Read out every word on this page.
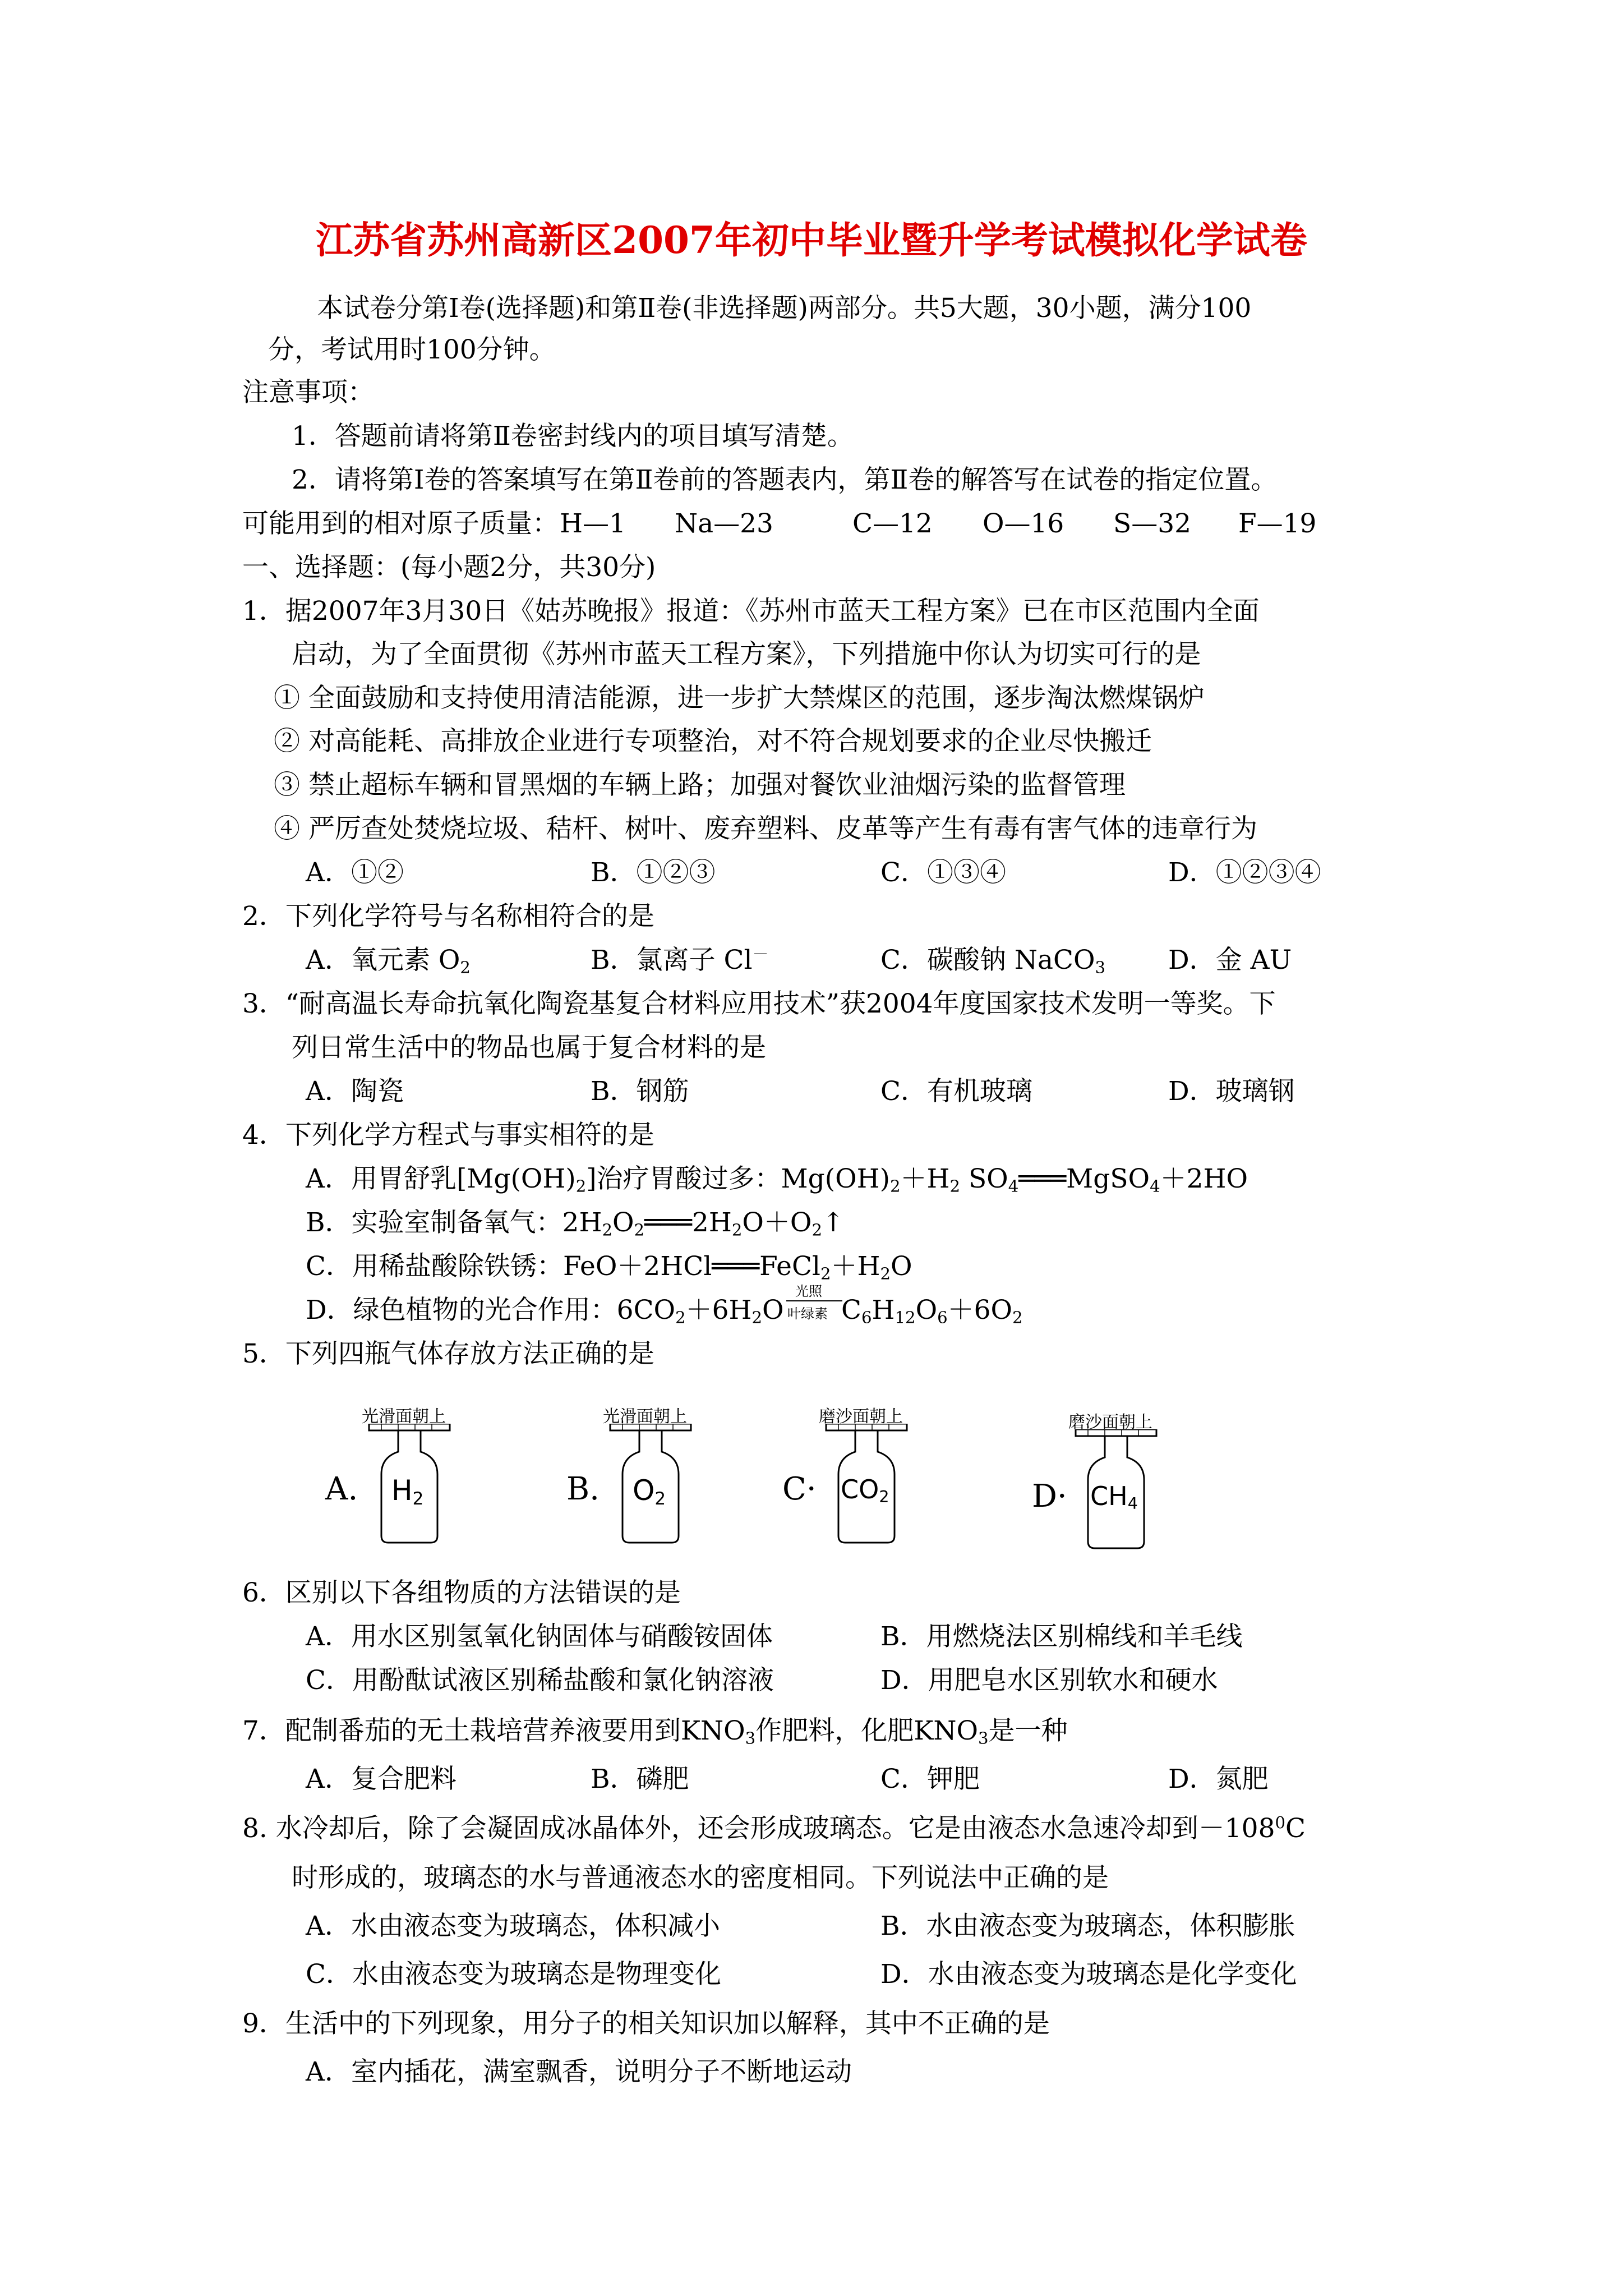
江苏省苏州高新区2007年初中毕业暨升学考试模拟化学试卷
本试卷分第Ⅰ卷(选择题)和第Ⅱ卷(非选择题)两部分。共5大题，30小题，满分100
分，考试用时100分钟。
注意事项：
1．答题前请将第Ⅱ卷密封线内的项目填写清楚。
2．请将第Ⅰ卷的答案填写在第Ⅱ卷前的答题表内，第Ⅱ卷的解答写在试卷的指定位置。
可能用到的相对原子质量： H—1 Na—23	C—12 O—16 S—32 F—19
一、选择题：(每小题2分，共30分)
1．据2007年3月30日《姑苏晚报》报道：《苏州市蓝天工程方案》已在市区范围内全面
启动，为了全面贯彻《苏州市蓝天工程方案》，下列措施中你认为切实可行的是
① 全面鼓励和支持使用清洁能源，进一步扩大禁煤区的范围，逐步淘汰燃煤锅炉
② 对高能耗、高排放企业进行专项整治，对不符合规划要求的企业尽快搬迁
③ 禁止超标车辆和冒黑烟的车辆上路；加强对餐饮业油烟污染的监督管理
④ 严厉查处焚烧垃圾、秸杆、树叶、废弃塑料、皮革等产生有毒有害气体的违章行为
A．①②	B．①②③	C．①③④	D．①②③④
2．下列化学符号与名称相符合的是
A．氧元素 $O_2$	B．氯离子 Cl－	C．碳酸钠 NaCO$_3$ D．金 AU
3．“耐高温长寿命抗氧化陶瓷基复合材料应用技术”获2004年度国家技术发明一等奖。下
列日常生活中的物品也属于复合材料的是
A．陶瓷	B．钢筋	C．有机玻璃	D．玻璃钢
4．下列化学方程式与事实相符的是
A．用胃舒乳$[Mg(OH)_2]$治疗胃酸过多：$Mg(OH)_2+H_2$ $SO_4═══MgSO_4+2HO$
B．实验室制备氧气：$2H_2O_2═══2H_2O+O_2↑$
C．用稀盐酸除铁锈：$FeO+2HCl═══FeCl_2+H_2O$
D．绿色植物的光合作用：$6CO_2+6H_2O$
光照
叶绿素 $C_6H_{12}O_6+6O_2$
5．下列四瓶气体存放方法正确的是
光滑面朝上
A. $H_2$
光滑面朝上
B. $O_2$
磨沙面朝上
$C\cdot CO_2$
磨沙面朝上
$D\cdot CH_4$
6．区别以下各组物质的方法错误的是
A．用水区别氢氧化钠固体与硝酸铵固体	B．用燃烧法区别棉线和羊毛线
C．用酚酞试液区别稀盐酸和氯化钠溶液	D．用肥皂水区别软水和硬水
7．配制番茄的无土栽培营养液要用到$KNO_3$作肥料，化肥$KNO_3$是一种
A．复合肥料	B．磷肥	C．钾肥	D．氮肥
8. 水冷却后，除了会凝固成冰晶体外，还会形成玻璃态。它是由液态水急速冷却到$-108^0C$
时形成的，玻璃态的水与普通液态水的密度相同。下列说法中正确的是
A．水由液态变为玻璃态，体积减小	B．水由液态变为玻璃态，体积膨胀
C．水由液态变为玻璃态是物理变化	D．水由液态变为玻璃态是化学变化
9．生活中的下列现象，用分子的相关知识加以解释，其中不正确的是
A．室内插花，满室飘香，说明分子不断地运动
